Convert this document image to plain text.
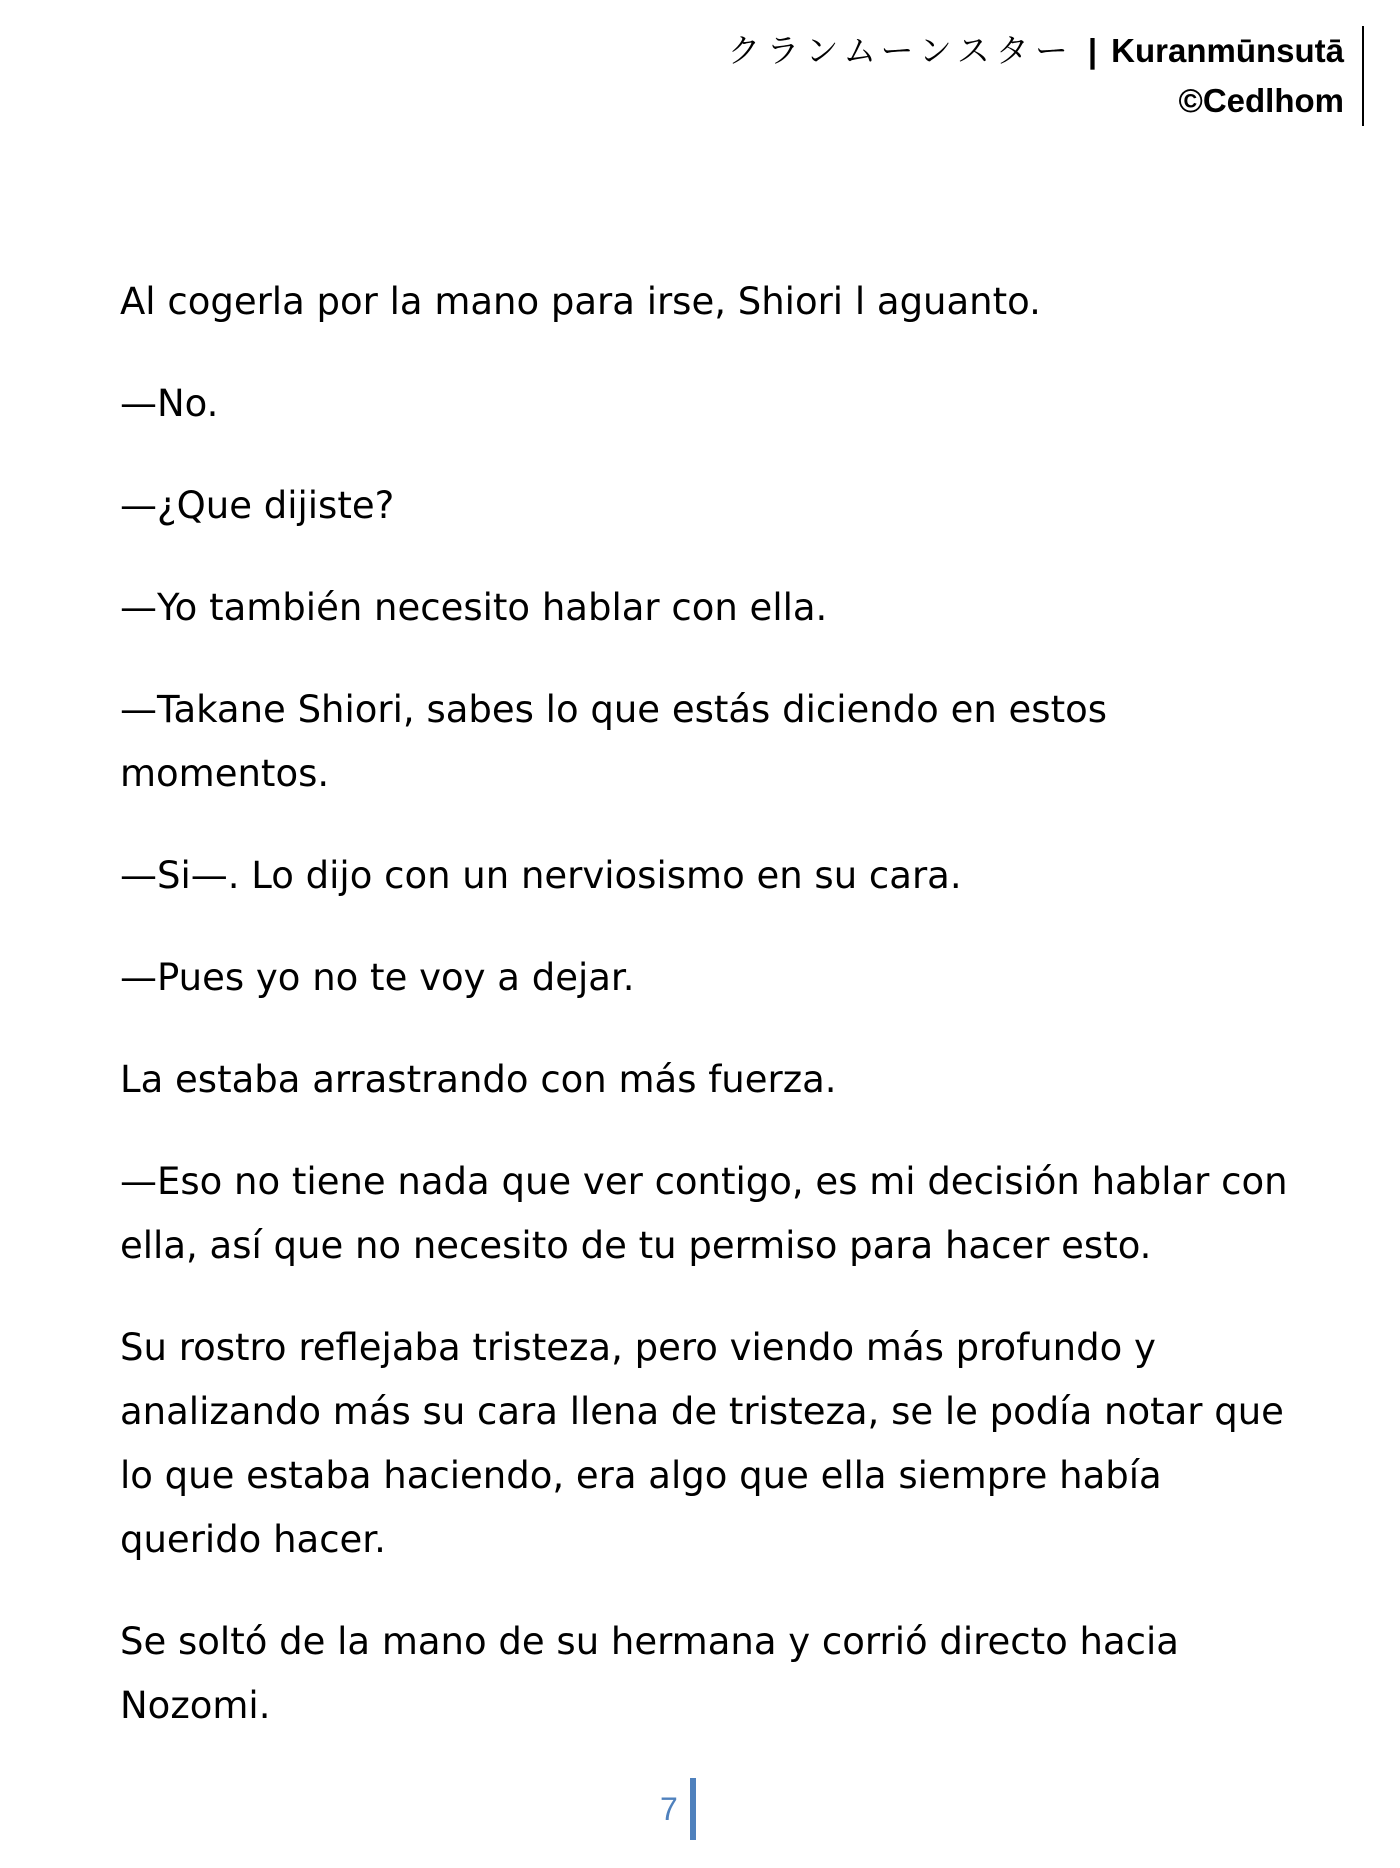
クランムーンスター | Kuranmūnsutā
©Cedlhom

Al cogerla por la mano para irse, Shiori l aguanto.

—No.

—¿Que dijiste?

—Yo también necesito hablar con ella.

—Takane Shiori, sabes lo que estás diciendo en estos momentos.

—Si—. Lo dijo con un nerviosismo en su cara.

—Pues yo no te voy a dejar.

La estaba arrastrando con más fuerza.

—Eso no tiene nada que ver contigo, es mi decisión hablar con ella, así que no necesito de tu permiso para hacer esto.

Su rostro reflejaba tristeza, pero viendo más profundo y analizando más su cara llena de tristeza, se le podía notar que lo que estaba haciendo, era algo que ella siempre había querido hacer.

Se soltó de la mano de su hermana y corrió directo hacia Nozomi.

7
